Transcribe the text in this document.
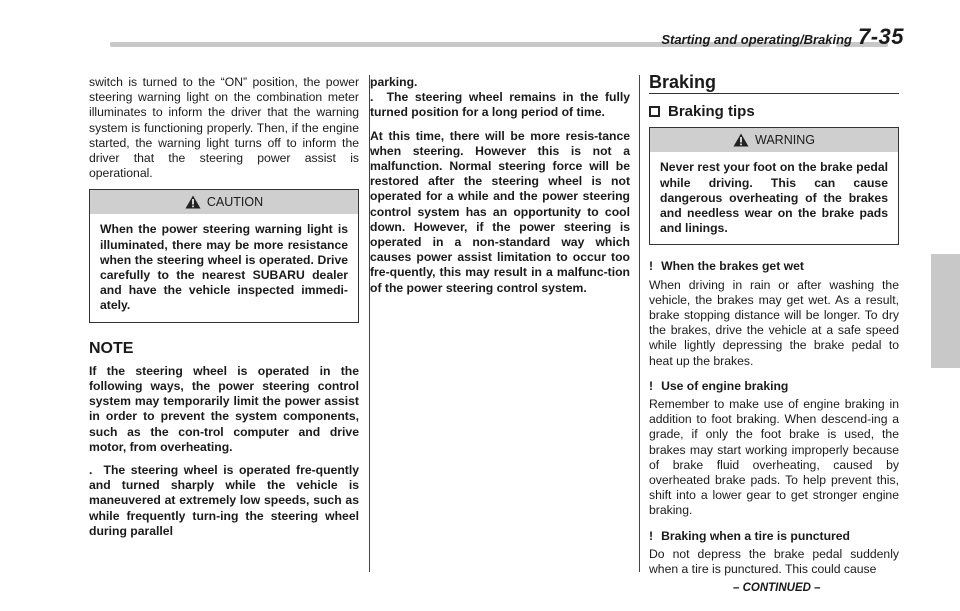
Starting and operating/Braking 7-35

switch is turned to the “ON” position, the power steering warning light on the combination meter illuminates to inform the driver that the warning system is functioning properly. Then, if the engine started, the warning light turns off to inform the driver that the steering power assist is operational.

CAUTION
When the power steering warning light is illuminated, there may be more resistance when the steering wheel is operated. Drive carefully to the nearest SUBARU dealer and have the vehicle inspected immedi-ately.
NOTE

If the steering wheel is operated in the following ways, the power steering control system may temporarily limit the power assist in order to prevent the system components, such as the con-trol computer and drive motor, from overheating.

.  The steering wheel is operated fre-quently and turned sharply while the vehicle is maneuvered at extremely low speeds, such as while frequently turn-ing the steering wheel during parallel

parking.

.  The steering wheel remains in the fully turned position for a long period of time.

At this time, there will be more resis-tance when steering. However this is not a malfunction. Normal steering force will be restored after the steering wheel is not operated for a while and the power steering control system has an opportunity to cool down. However, if the power steering is operated in a non-standard way which causes power assist limitation to occur too fre-quently, this may result in a malfunc-tion of the power steering control system.

Braking
Braking tips
WARNING
Never rest your foot on the brake pedal while driving. This can cause dangerous overheating of the brakes and needless wear on the brake pads and linings.
! When the brakes get wet

When driving in rain or after washing the vehicle, the brakes may get wet. As a result, brake stopping distance will be longer. To dry the brakes, drive the vehicle at a safe speed while lightly depressing the brake pedal to heat up the brakes.

! Use of engine braking

Remember to make use of engine braking in addition to foot braking. When descend-ing a grade, if only the foot brake is used, the brakes may start working improperly because of brake fluid overheating, caused by overheated brake pads. To help prevent this, shift into a lower gear to get stronger engine braking.

! Braking when a tire is punctured

Do not depress the brake pedal suddenly when a tire is punctured. This could cause

– CONTINUED –
